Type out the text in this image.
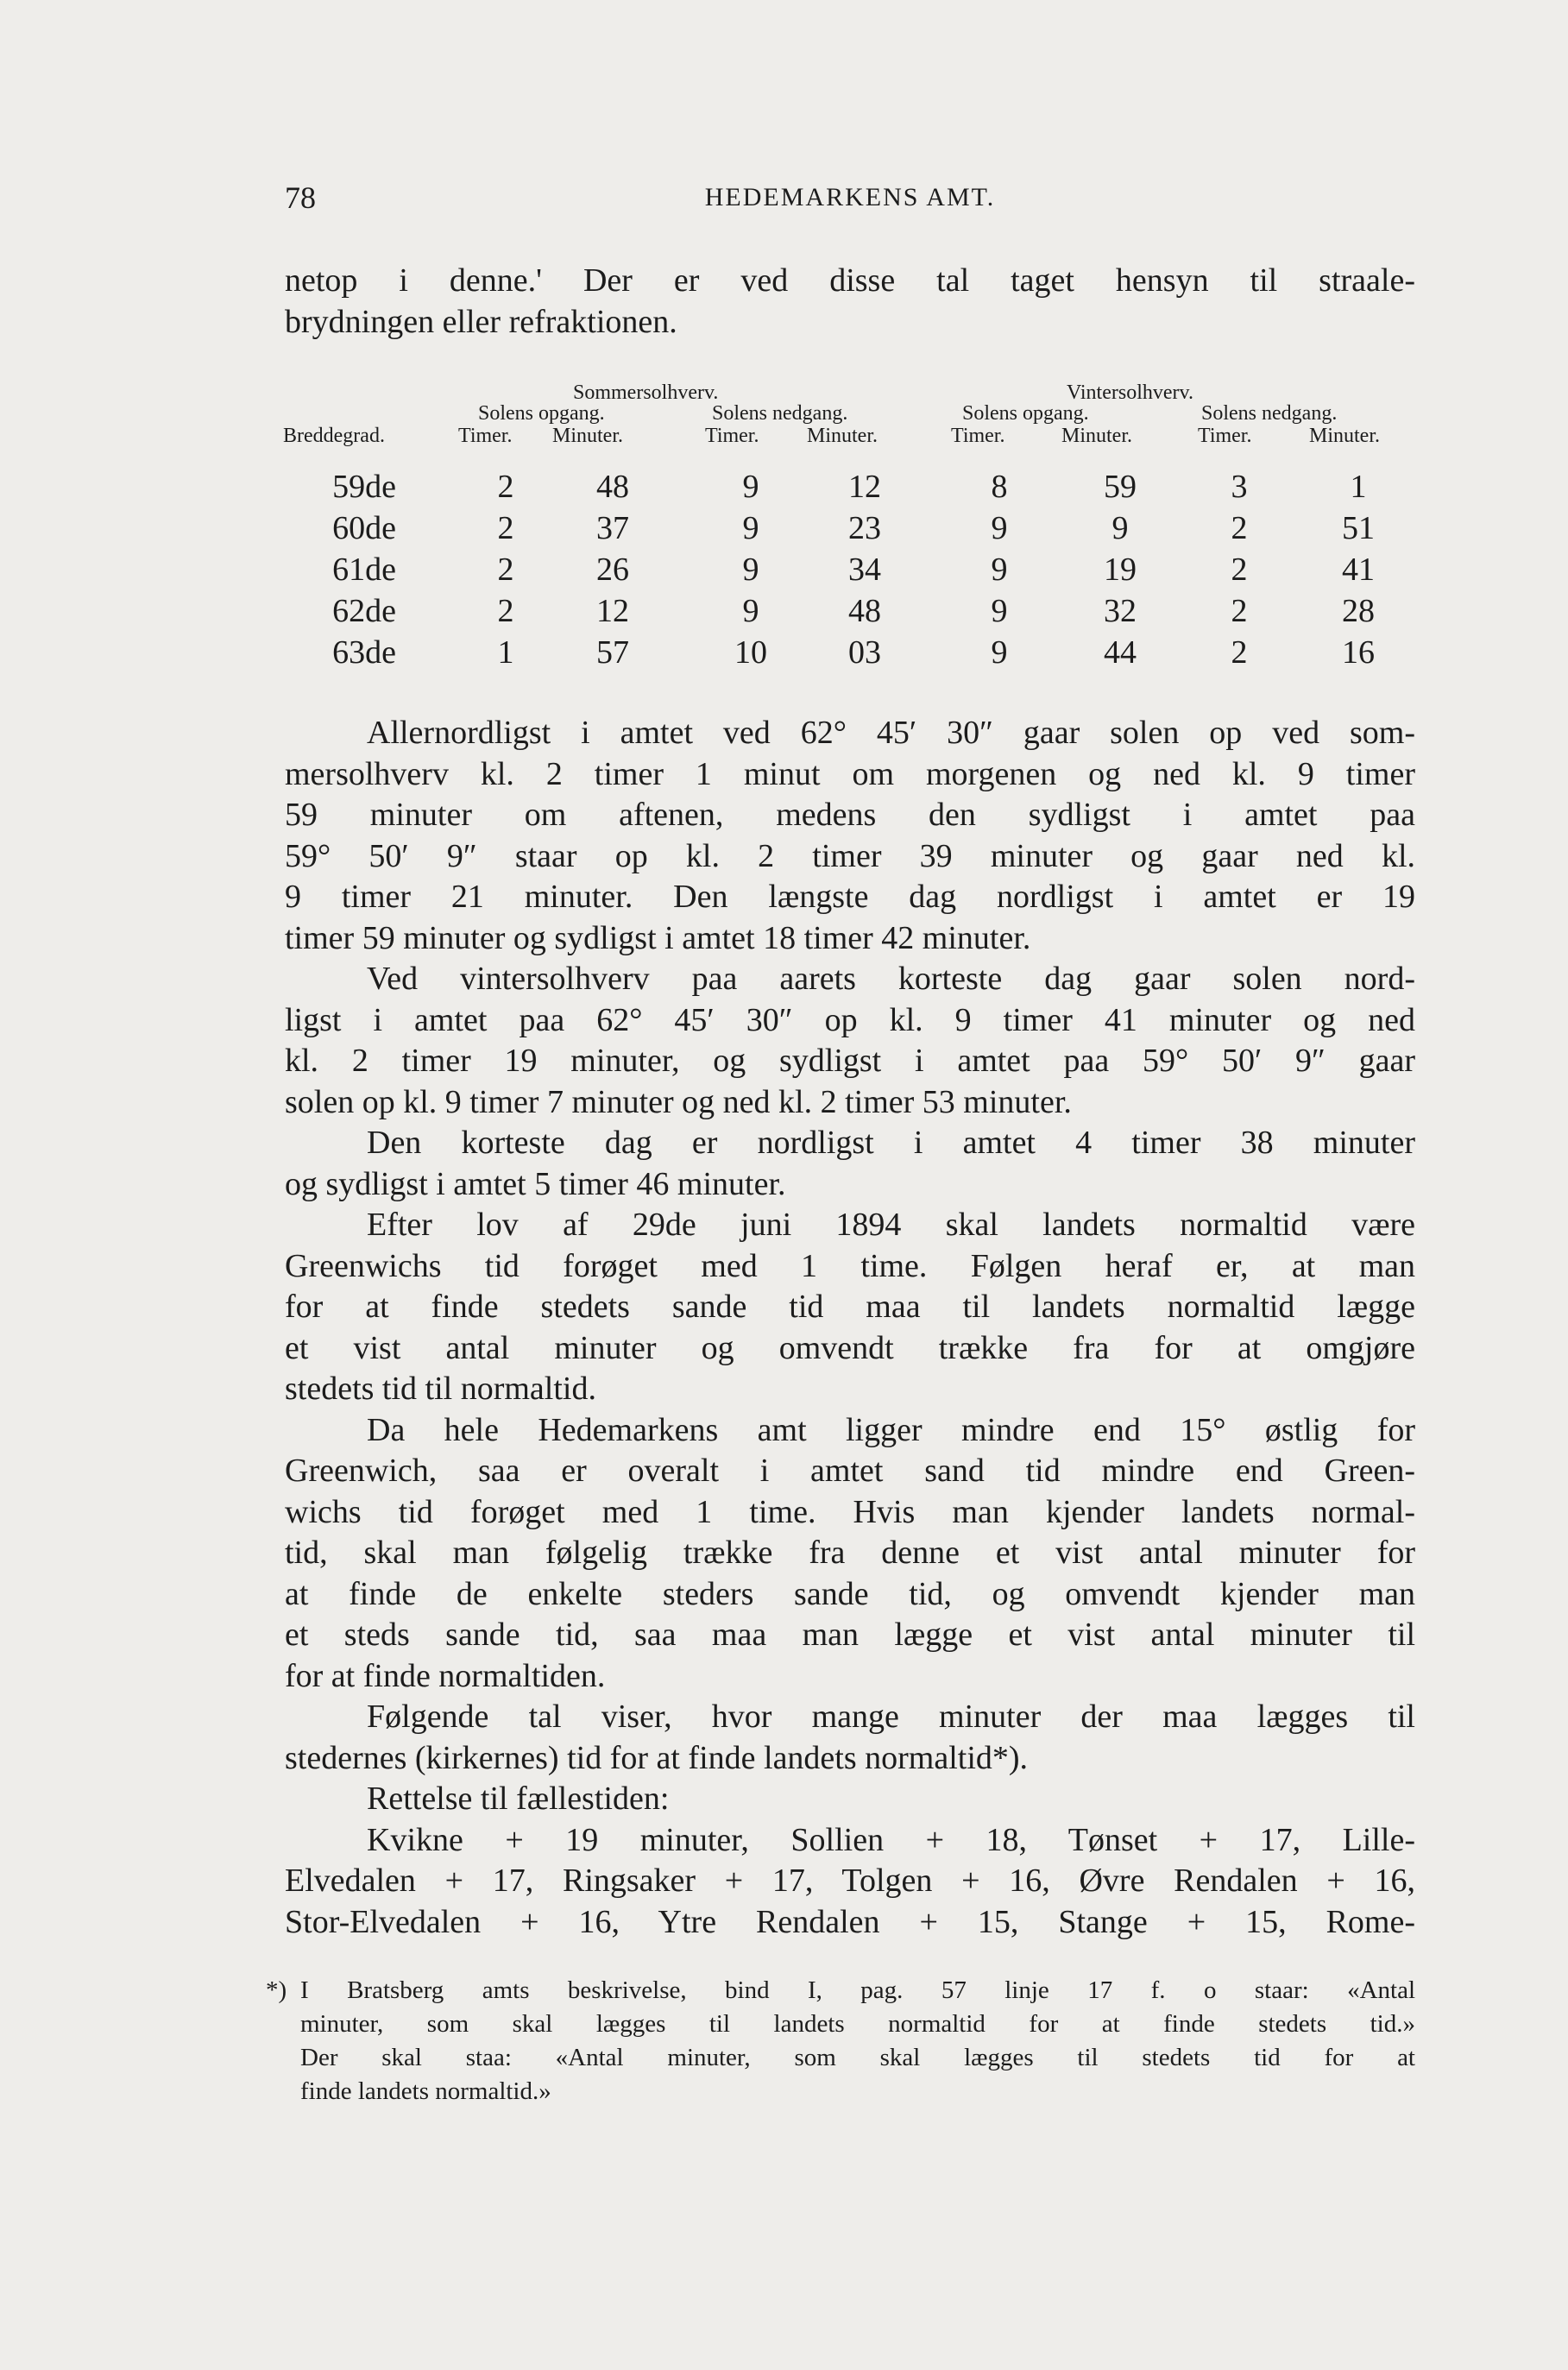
78	HEDEMARKENS AMT.

netop i denne.' Der er ved disse tal taget hensyn til straale-

brydningen eller refraktionen.

Sommersolhverv.	Vintersolhverv.
Solens opgang.	Solens nedgang.	Solens opgang.	Solens nedgang.
Breddegrad.	Timer. Minuter.	Timer. Minuter.	Timer.	Minuter.	Timer.	Minuter.
59de	2	48	9	12	8	59	3	1
60de	2	37	9	23	9	9	2	51
61de	2	26	9	34	9	19	2	41
62de	2	12	9	48	9	32	2	28
63de	1	57	10	03	9	44	2	16

Allernordligst i amtet ved 62° 45′ 30″ gaar solen op ved som-

mersolhverv kl. 2 timer 1 minut om morgenen og ned kl. 9 timer

59 minuter om aftenen, medens den sydligst i amtet paa

59° 50′ 9″ staar op kl. 2 timer 39 minuter og gaar ned kl.

9 timer 21 minuter. Den længste dag nordligst i amtet er 19

timer 59 minuter og sydligst i amtet 18 timer 42 minuter.

Ved vintersolhverv paa aarets korteste dag gaar solen nord-

ligst i amtet paa 62° 45′ 30″ op kl. 9 timer 41 minuter og ned

kl. 2 timer 19 minuter, og sydligst i amtet paa 59° 50′ 9″ gaar

solen op kl. 9 timer 7 minuter og ned kl. 2 timer 53 minuter.

Den korteste dag er nordligst i amtet 4 timer 38 minuter

og sydligst i amtet 5 timer 46 minuter.

Efter lov af 29de juni 1894 skal landets normaltid være

Greenwichs tid forøget med 1 time. Følgen heraf er, at man

for at finde stedets sande tid maa til landets normaltid lægge

et vist antal minuter og omvendt trække fra for at omgjøre

stedets tid til normaltid.

Da hele Hedemarkens amt ligger mindre end 15° østlig for

Greenwich, saa er overalt i amtet sand tid mindre end Green-

wichs tid forøget med 1 time. Hvis man kjender landets normal-

tid, skal man følgelig trække fra denne et vist antal minuter for

at finde de enkelte steders sande tid, og omvendt kjender man

et steds sande tid, saa maa man lægge et vist antal minuter til

for at finde normaltiden.

Følgende tal viser, hvor mange minuter der maa lægges til

stedernes (kirkernes) tid for at finde landets normaltid*).

Rettelse til fællestiden:

Kvikne + 19 minuter, Sollien + 18, Tønset + 17, Lille-

Elvedalen + 17, Ringsaker + 17, Tolgen + 16, Øvre Rendalen + 16,

Stor-Elvedalen + 16, Ytre Rendalen + 15, Stange + 15, Rome-

*) I Bratsberg amts beskrivelse, bind I, pag. 57 linje 17 f. o staar: «Antal

minuter, som skal lægges til landets normaltid for at finde stedets tid.»

Der skal staa: «Antal minuter, som skal lægges til stedets tid for at

finde landets normaltid.»
